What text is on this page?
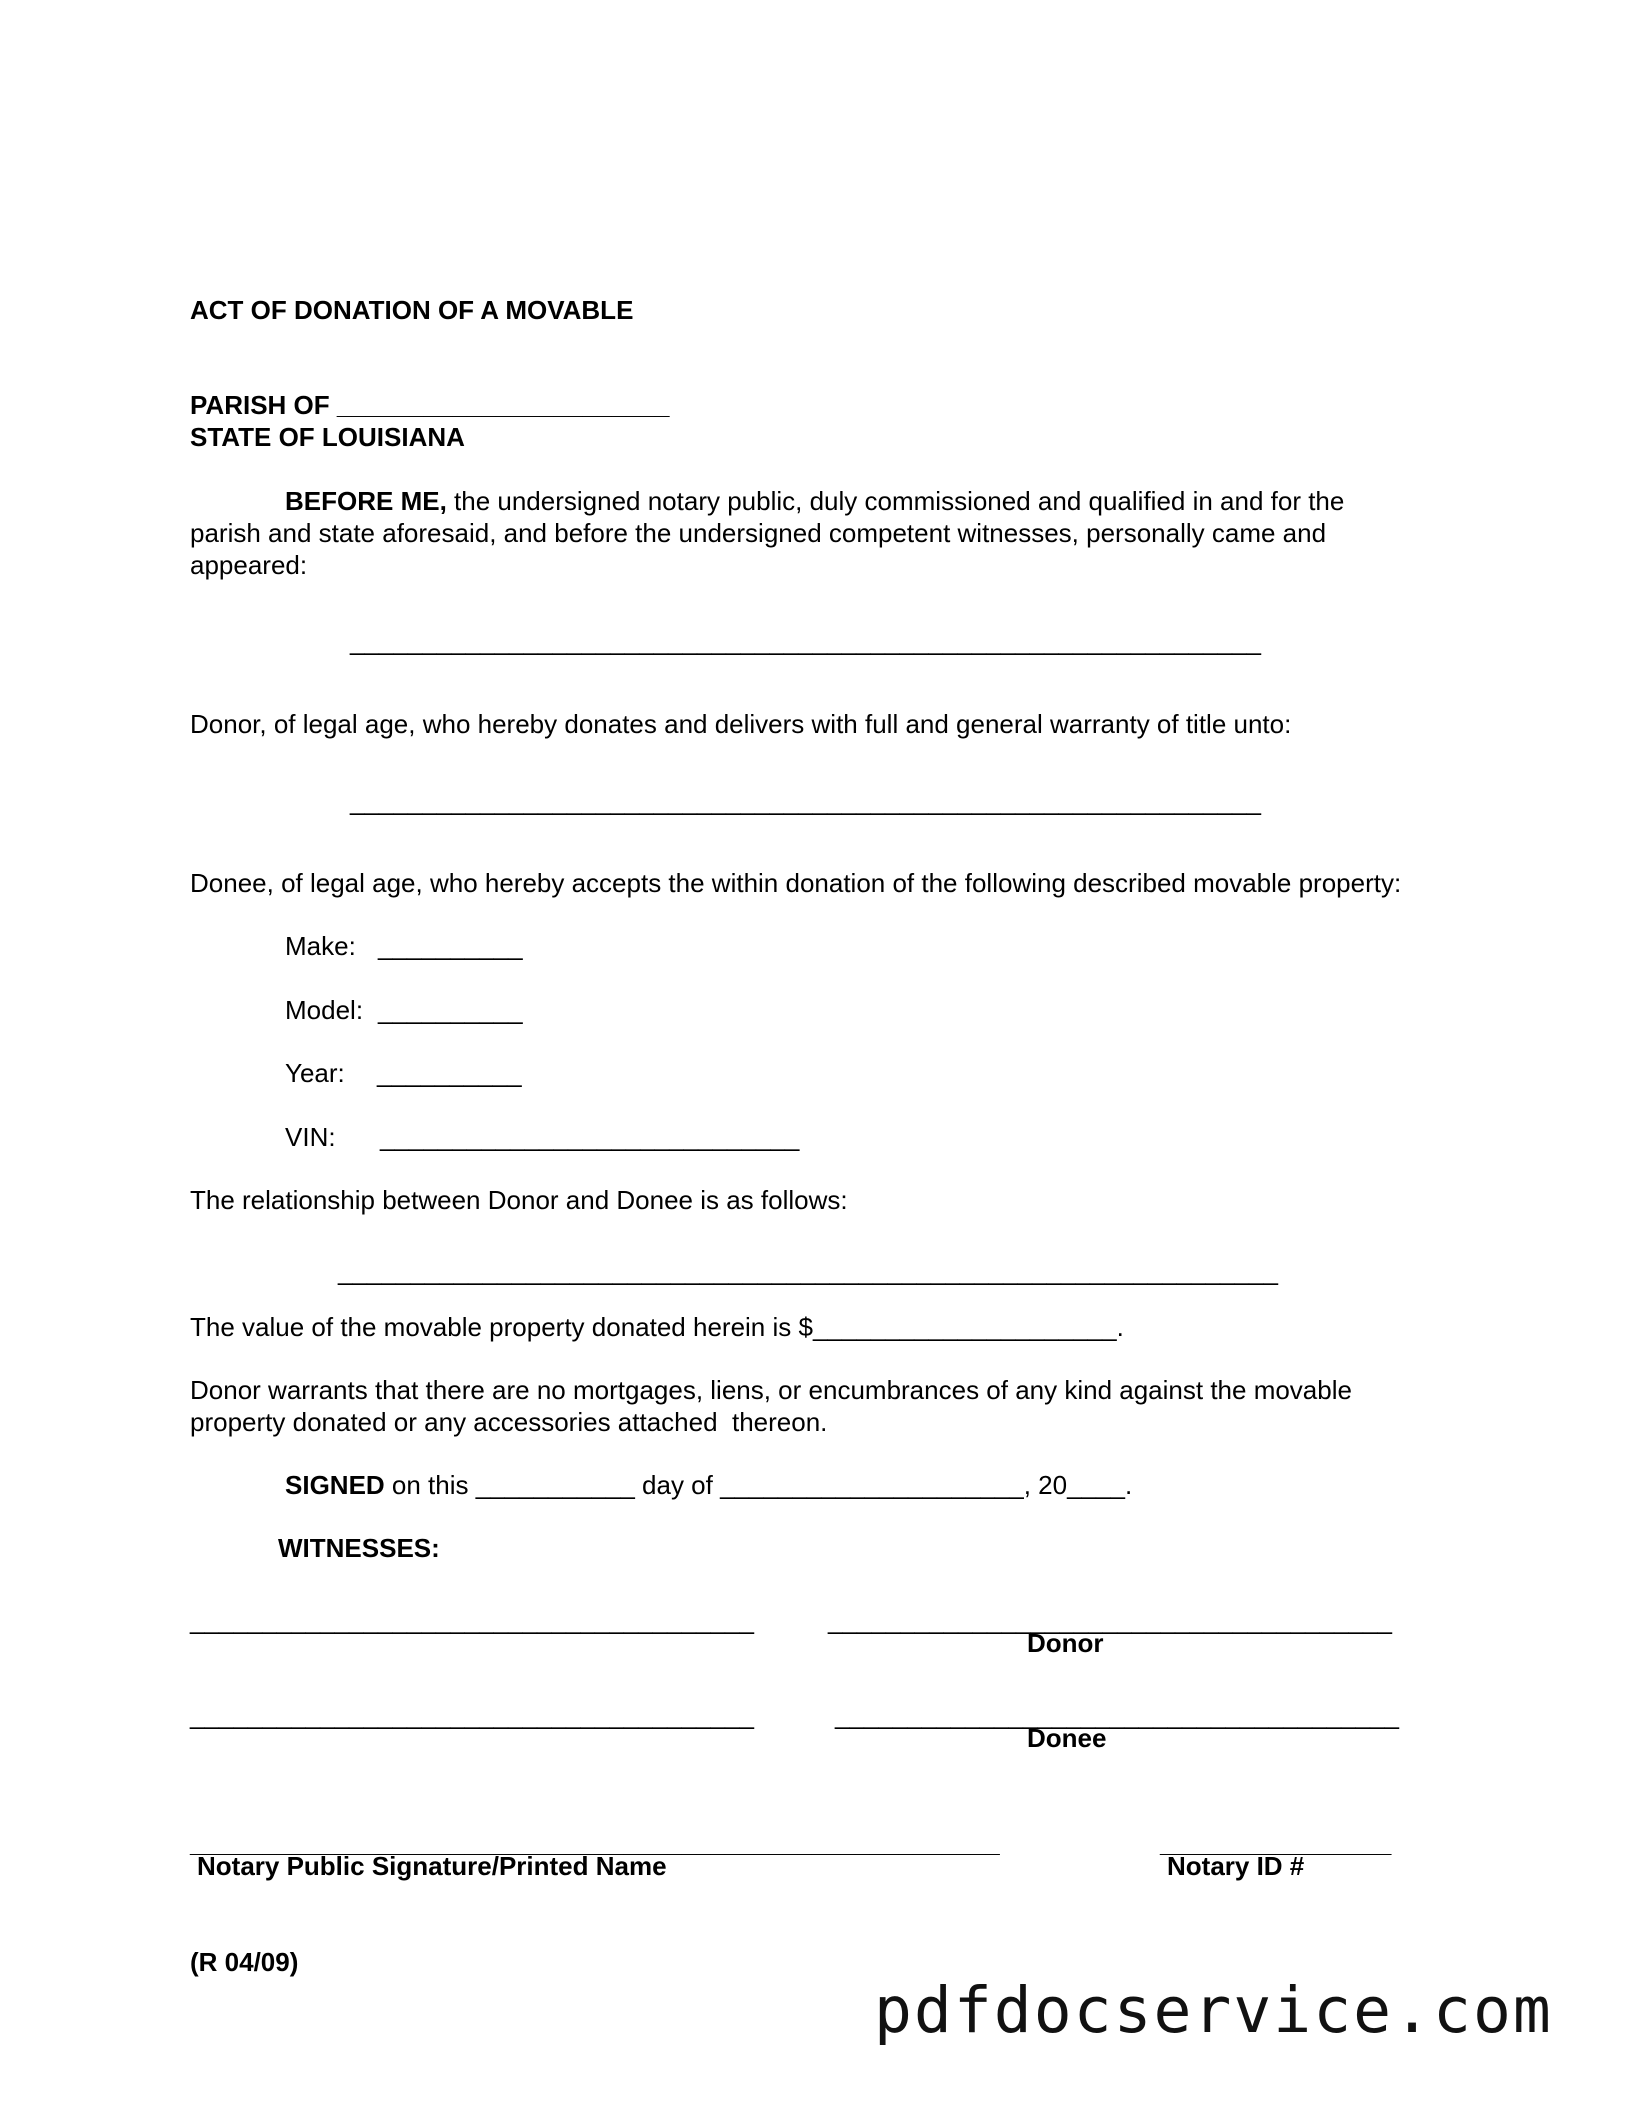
ACT OF DONATION OF A MOVABLE
PARISH OF _______________________
STATE OF LOUISIANA
BEFORE ME, the undersigned notary public, duly commissioned and qualified in and for the
parish and state aforesaid, and before the undersigned competent witnesses, personally came and
appeared:
_______________________________________________________________
Donor, of legal age, who hereby donates and delivers with full and general warranty of title unto:
_______________________________________________________________
Donee, of legal age, who hereby accepts the within donation of the following described movable property:
Make: __________
Model: __________
Year: __________
VIN: _____________________________
The relationship between Donor and Donee is as follows:
_________________________________________________________________
The value of the movable property donated herein is $_____________________.
Donor warrants that there are no mortgages, liens, or encumbrances of any kind against the movable
property donated or any accessories attached  thereon.
SIGNED on this ___________ day of _____________________, 20____.
WITNESSES:
_______________________________________	_______________________________________
Donor
_______________________________________	_______________________________________
Donee
________________________________________________________	________________
Notary Public Signature/Printed Name	Notary ID #
(R 04/09)
pdfdocservice.com
